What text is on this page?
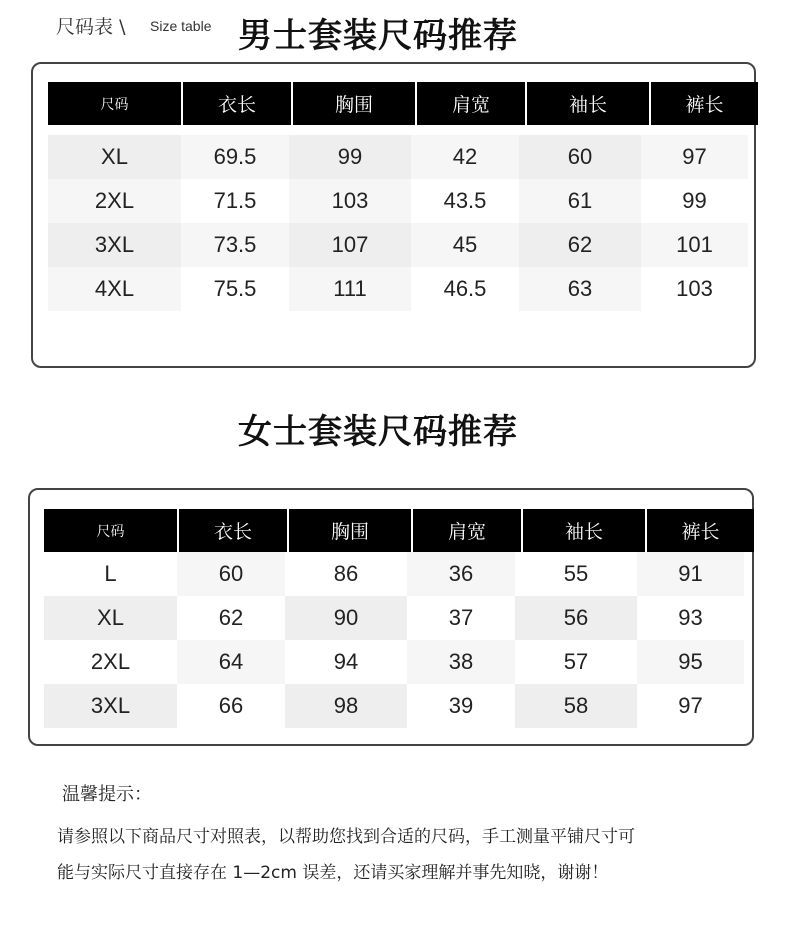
尺码表 \ Size table 男士套装尺码推荐
尺码	衣长	胸围	肩宽	袖长	裤长
XL	69.5	99	42	60	97
2XL	71.5	103	43.5	61	99
3XL	73.5	107	45	62	101
4XL	75.5	111	46.5	63	103
女士套装尺码推荐
尺码	衣长	胸围	肩宽	袖长	裤长
L	60	86	36	55	91
XL	62	90	37	56	93
2XL	64	94	38	57	95
3XL	66	98	39	58	97
温馨提示：
请参照以下商品尺寸对照表，以帮助您找到合适的尺码，手工测量平铺尺寸可
能与实际尺寸直接存在 1—2cm 误差，还请买家理解并事先知晓，谢谢！
